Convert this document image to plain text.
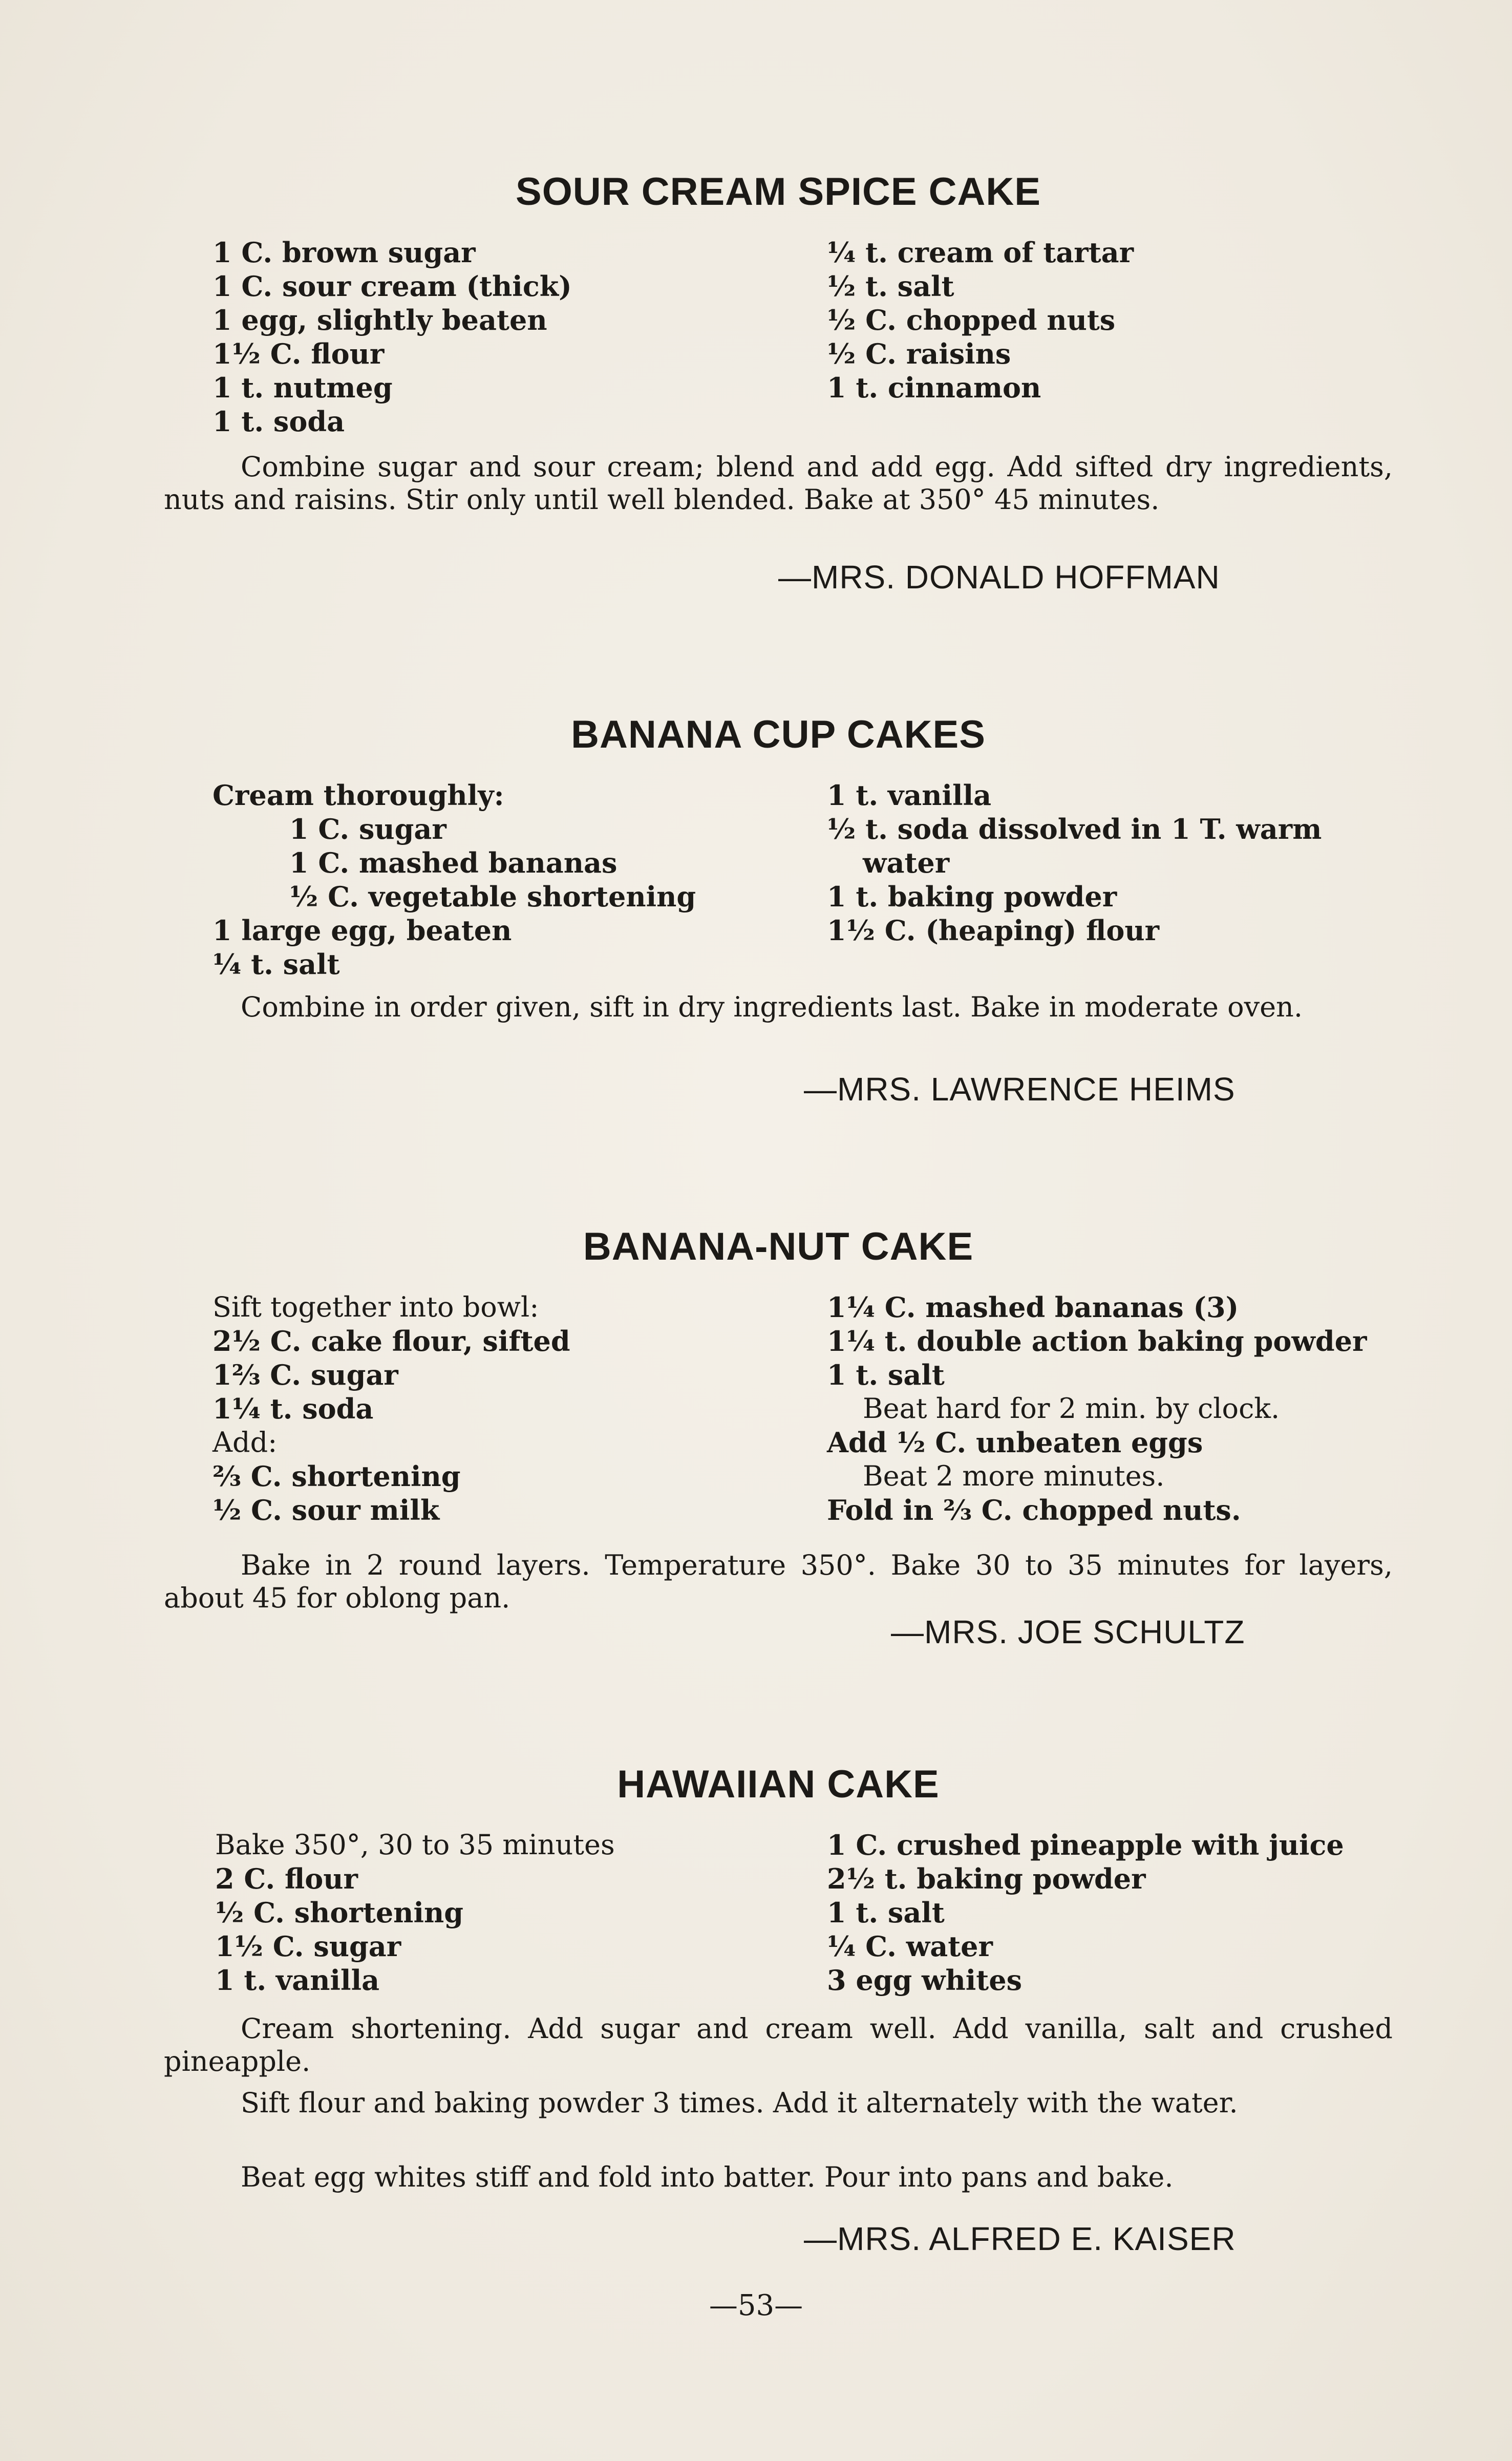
SOUR CREAM SPICE CAKE
1 C. brown sugar
1 C. sour cream (thick)
1 egg, slightly beaten
1½ C. flour
1 t. nutmeg
1 t. soda
¼ t. cream of tartar
½ t. salt
½ C. chopped nuts
½ C. raisins
1 t. cinnamon
Combine sugar and sour cream; blend and add egg. Add sifted dry ingredients, nuts and raisins. Stir only until well blended. Bake at 350° 45 minutes.
—MRS. DONALD HOFFMAN
BANANA CUP CAKES
Cream thoroughly:
1 C. sugar
1 C. mashed bananas
½ C. vegetable shortening
1 large egg, beaten
¼ t. salt
1 t. vanilla
½ t. soda dissolved in 1 T. warm
water
1 t. baking powder
1½ C. (heaping) flour
Combine in order given, sift in dry ingredients last. Bake in moderate oven.
—MRS. LAWRENCE HEIMS
BANANA-NUT CAKE
Sift together into bowl:
2½ C. cake flour, sifted
1⅔ C. sugar
1¼ t. soda
Add:
⅔ C. shortening
½ C. sour milk
1¼ C. mashed bananas (3)
1¼ t. double action baking powder
1 t. salt
Beat hard for 2 min. by clock.
Add ½ C. unbeaten eggs
Beat 2 more minutes.
Fold in ⅔ C. chopped nuts.
Bake in 2 round layers. Temperature 350°. Bake 30 to 35 minutes for layers, about 45 for oblong pan.
—MRS. JOE SCHULTZ
HAWAIIAN CAKE
Bake 350°, 30 to 35 minutes
2 C. flour
½ C. shortening
1½ C. sugar
1 t. vanilla
1 C. crushed pineapple with juice
2½ t. baking powder
1 t. salt
¼ C. water
3 egg whites
Cream shortening. Add sugar and cream well. Add vanilla, salt and crushed pineapple.
Sift flour and baking powder 3 times. Add it alternately with the water.
Beat egg whites stiff and fold into batter. Pour into pans and bake.
—MRS. ALFRED E. KAISER
—53—
